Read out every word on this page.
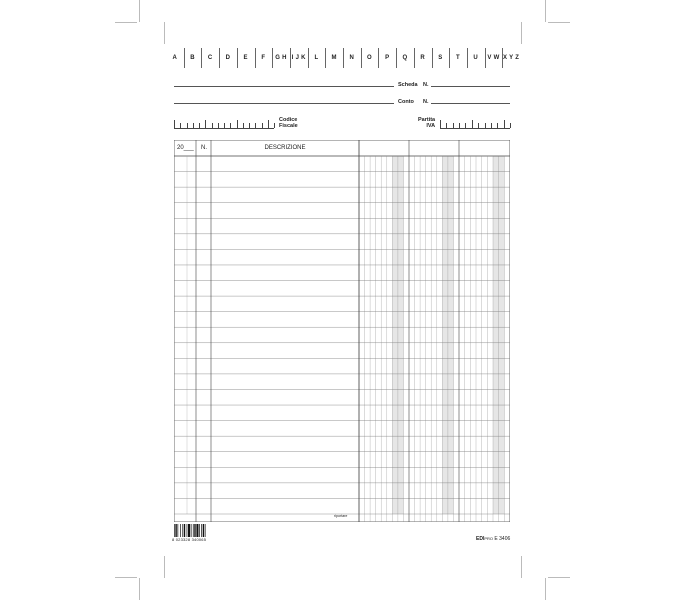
A	B	C	D	E	F	G H I J K	L	M	N	O	P	Q	R	S	T	U	V W X Y Z
Scheda N.
Conto N.
Codice
Fiscale
Partita
IVA
20___ N.	DESCRIZIONE
riportare
8 023328 340065	EDIPRO E 3406
